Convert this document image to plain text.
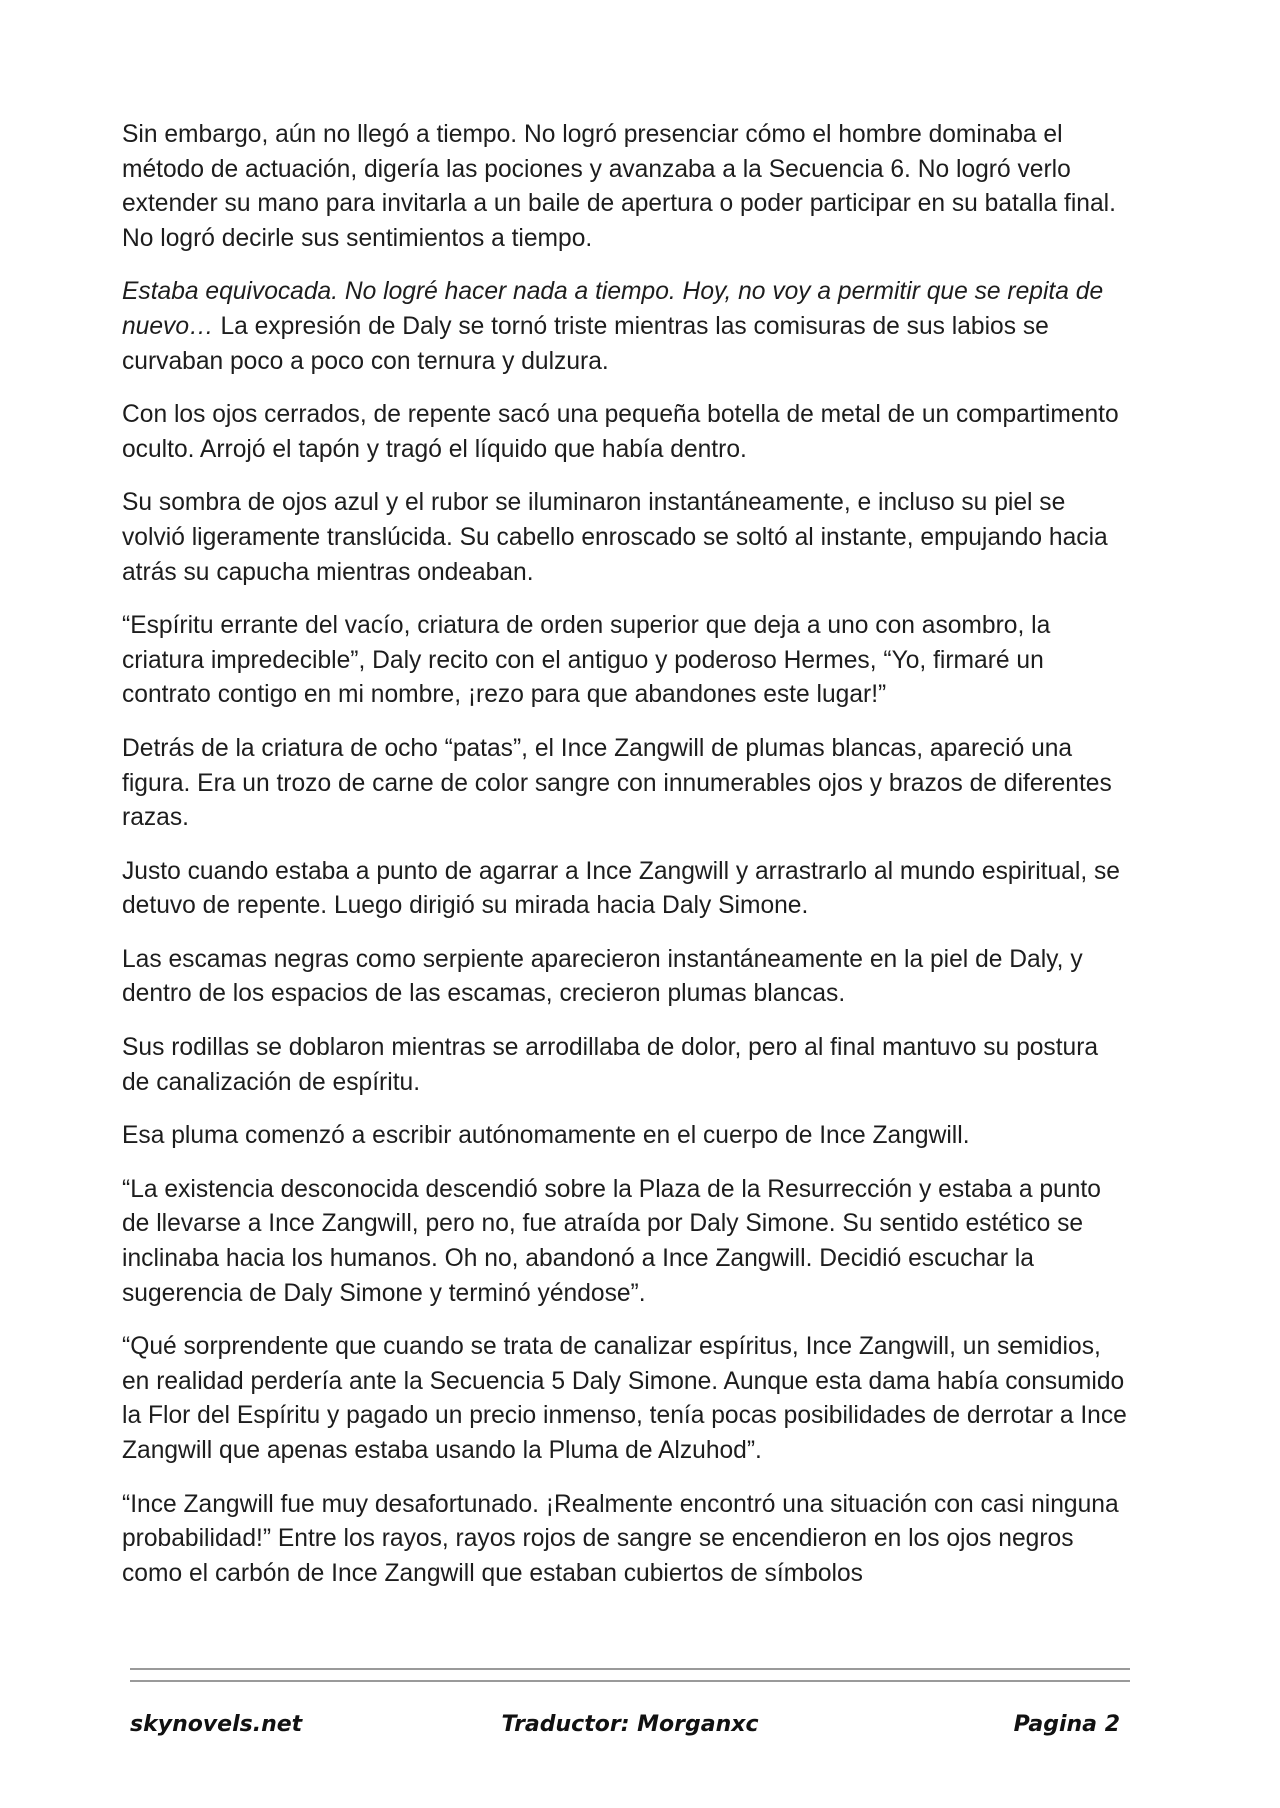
Sin embargo, aún no llegó a tiempo. No logró presenciar cómo el hombre dominaba el método de actuación, digería las pociones y avanzaba a la Secuencia 6. No logró verlo extender su mano para invitarla a un baile de apertura o poder participar en su batalla final. No logró decirle sus sentimientos a tiempo.

Estaba equivocada. No logré hacer nada a tiempo. Hoy, no voy a permitir que se repita de nuevo… La expresión de Daly se tornó triste mientras las comisuras de sus labios se curvaban poco a poco con ternura y dulzura.

Con los ojos cerrados, de repente sacó una pequeña botella de metal de un compartimento oculto. Arrojó el tapón y tragó el líquido que había dentro.

Su sombra de ojos azul y el rubor se iluminaron instantáneamente, e incluso su piel se volvió ligeramente translúcida. Su cabello enroscado se soltó al instante, empujando hacia atrás su capucha mientras ondeaban.

“Espíritu errante del vacío, criatura de orden superior que deja a uno con asombro, la criatura impredecible”, Daly recito con el antiguo y poderoso Hermes, “Yo, firmaré un contrato contigo en mi nombre, ¡rezo para que abandones este lugar!”

Detrás de la criatura de ocho “patas”, el Ince Zangwill de plumas blancas, apareció una figura. Era un trozo de carne de color sangre con innumerables ojos y brazos de diferentes razas.

Justo cuando estaba a punto de agarrar a Ince Zangwill y arrastrarlo al mundo espiritual, se detuvo de repente. Luego dirigió su mirada hacia Daly Simone.

Las escamas negras como serpiente aparecieron instantáneamente en la piel de Daly, y dentro de los espacios de las escamas, crecieron plumas blancas.

Sus rodillas se doblaron mientras se arrodillaba de dolor, pero al final mantuvo su postura de canalización de espíritu.

Esa pluma comenzó a escribir autónomamente en el cuerpo de Ince Zangwill.

“La existencia desconocida descendió sobre la Plaza de la Resurrección y estaba a punto de llevarse a Ince Zangwill, pero no, fue atraída por Daly Simone. Su sentido estético se inclinaba hacia los humanos. Oh no, abandonó a Ince Zangwill. Decidió escuchar la sugerencia de Daly Simone y terminó yéndose”.

“Qué sorprendente que cuando se trata de canalizar espíritus, Ince Zangwill, un semidios, en realidad perdería ante la Secuencia 5 Daly Simone. Aunque esta dama había consumido la Flor del Espíritu y pagado un precio inmenso, tenía pocas posibilidades de derrotar a Ince Zangwill que apenas estaba usando la Pluma de Alzuhod”.

“Ince Zangwill fue muy desafortunado. ¡Realmente encontró una situación con casi ninguna probabilidad!” Entre los rayos, rayos rojos de sangre se encendieron en los ojos negros como el carbón de Ince Zangwill que estaban cubiertos de símbolos

skynovels.net	Traductor: Morganxc	Pagina 2
